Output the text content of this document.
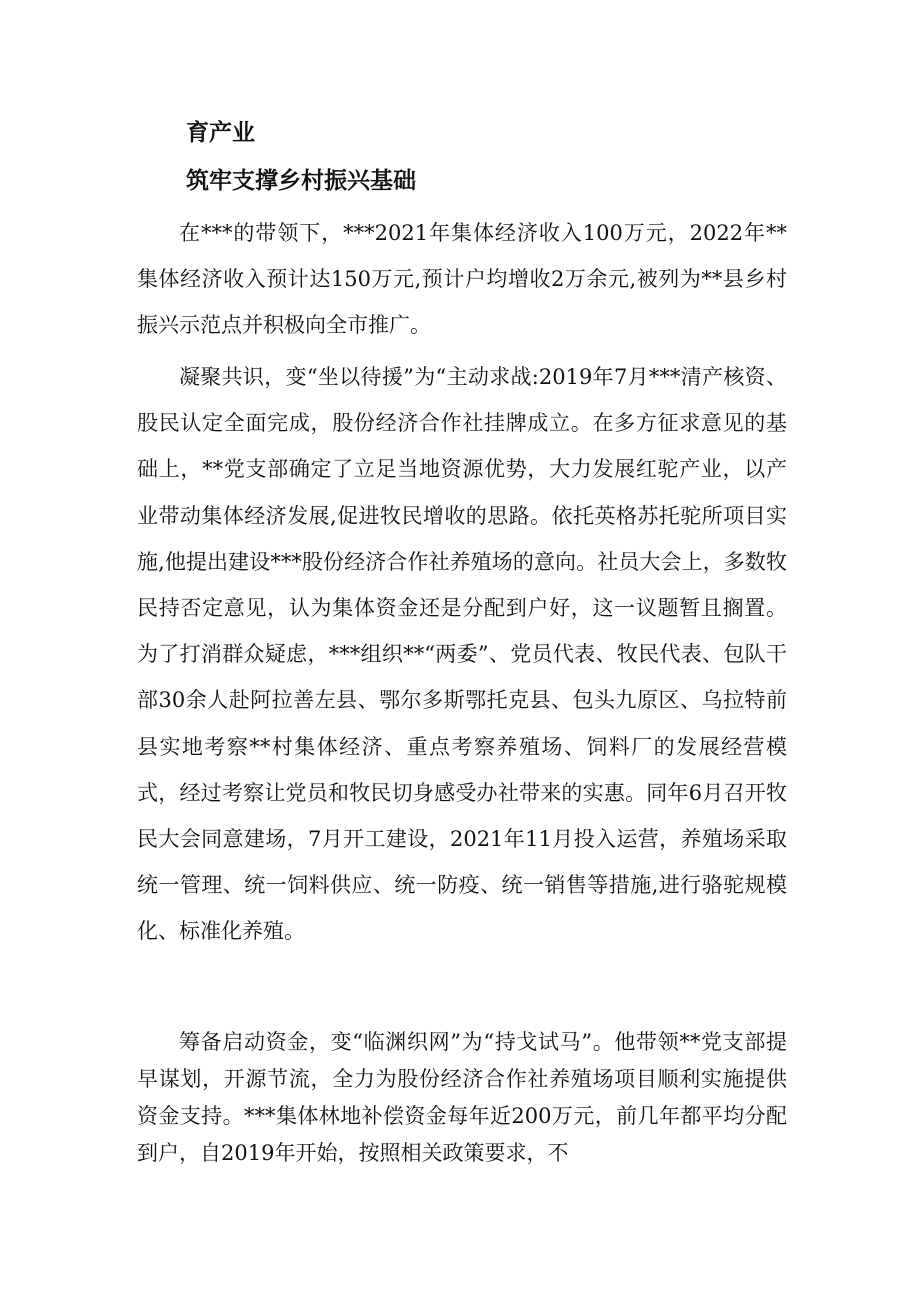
育产业
筑牢支撑乡村振兴基础

在***的带领下，***2021年集体经济收入100万元，2022年**集体经济收入预计达150万元,预计户均增收2万余元,被列为**县乡村振兴示范点并积极向全市推广。

凝聚共识，变“坐以待援”为“主动求战:2019年7月***清产核资、股民认定全面完成，股份经济合作社挂牌成立。在多方征求意见的基础上，**党支部确定了立足当地资源优势，大力发展红驼产业，以产业带动集体经济发展,促进牧民增收的思路。依托英格苏托驼所项目实施,他提出建设***股份经济合作社养殖场的意向。社员大会上，多数牧民持否定意见，认为集体资金还是分配到户好，这一议题暂且搁置。为了打消群众疑虑，***组织**“两委”、党员代表、牧民代表、包队干部30余人赴阿拉善左县、鄂尔多斯鄂托克县、包头九原区、乌拉特前县实地考察**村集体经济、重点考察养殖场、饲料厂的发展经营模式，经过考察让党员和牧民切身感受办社带来的实惠。同年6月召开牧民大会同意建场，7月开工建设，2021年11月投入运营，养殖场采取统一管理、统一饲料供应、统一防疫、统一销售等措施,进行骆驼规模化、标准化养殖。

筹备启动资金，变“临渊织网”为“持戈试马”。他带领**党支部提早谋划，开源节流，全力为股份经济合作社养殖场项目顺利实施提供资金支持。***集体林地补偿资金每年近200万元，前几年都平均分配到户，自2019年开始，按照相关政策要求，不
